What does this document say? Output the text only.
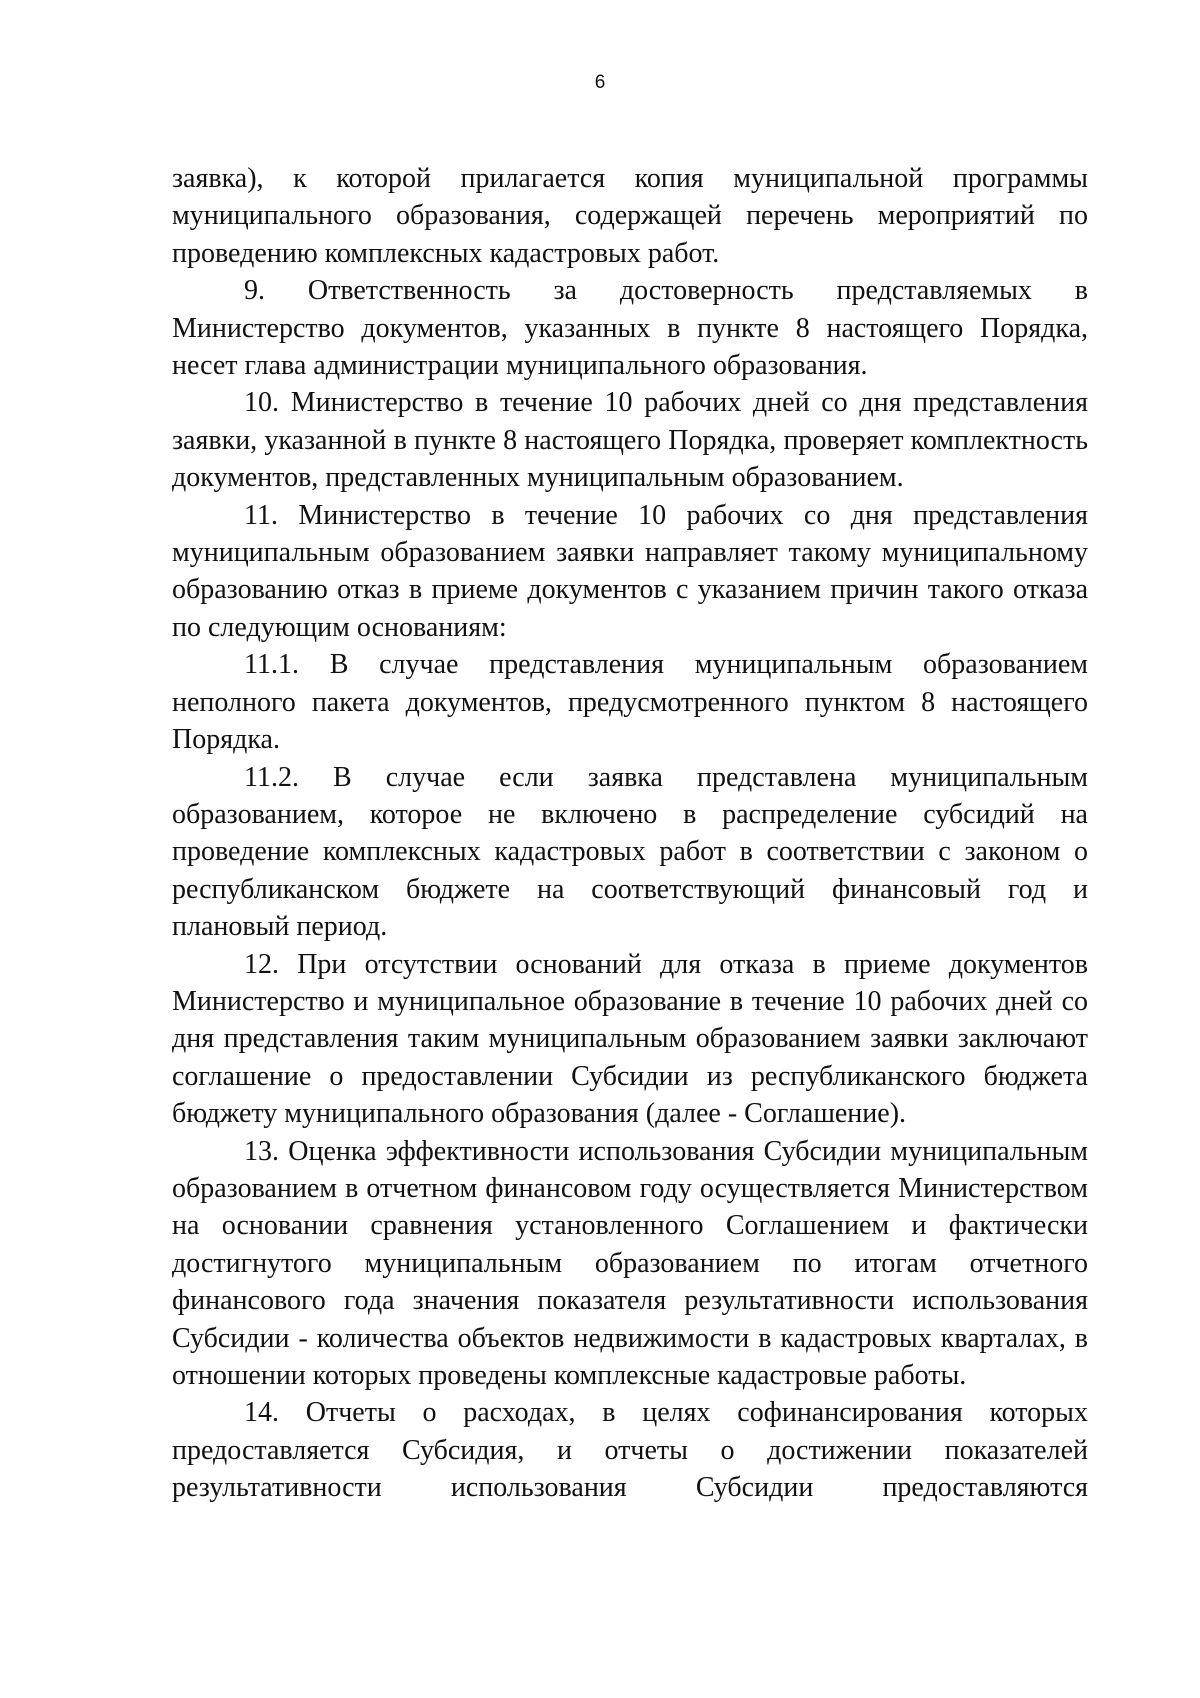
6

заявка), к которой прилагается копия муниципальной программы муниципального образования, содержащей перечень мероприятий по проведению комплексных кадастровых работ.

9. Ответственность за достоверность представляемых в Министерство документов, указанных в пункте 8 настоящего Порядка, несет глава администрации муниципального образования.

10. Министерство в течение 10 рабочих дней со дня представления заявки, указанной в пункте 8 настоящего Порядка, проверяет комплектность документов, представленных муниципальным образованием.

11. Министерство в течение 10 рабочих со дня представления муниципальным образованием заявки направляет такому муниципальному образованию отказ в приеме документов с указанием причин такого отказа по следующим основаниям:

11.1. В случае представления муниципальным образованием неполного пакета документов, предусмотренного пунктом 8 настоящего Порядка.

11.2. В случае если заявка представлена муниципальным образованием, которое не включено в распределение субсидий на проведение комплексных кадастровых работ в соответствии с законом о республиканском бюджете на соответствующий финансовый год и плановый период.

12. При отсутствии оснований для отказа в приеме документов Министерство и муниципальное образование в течение 10 рабочих дней со дня представления таким муниципальным образованием заявки заключают соглашение о предоставлении Субсидии из республиканского бюджета бюджету муниципального образования (далее - Соглашение).

13. Оценка эффективности использования Субсидии муниципальным образованием в отчетном финансовом году осуществляется Министерством на основании сравнения установленного Соглашением и фактически достигнутого муниципальным образованием по итогам отчетного финансового года значения показателя результативности использования Субсидии - количества объектов недвижимости в кадастровых кварталах, в отношении которых проведены комплексные кадастровые работы.

14. Отчеты о расходах, в целях софинансирования которых предоставляется Субсидия, и отчеты о достижении показателей результативности использования Субсидии предоставляются
